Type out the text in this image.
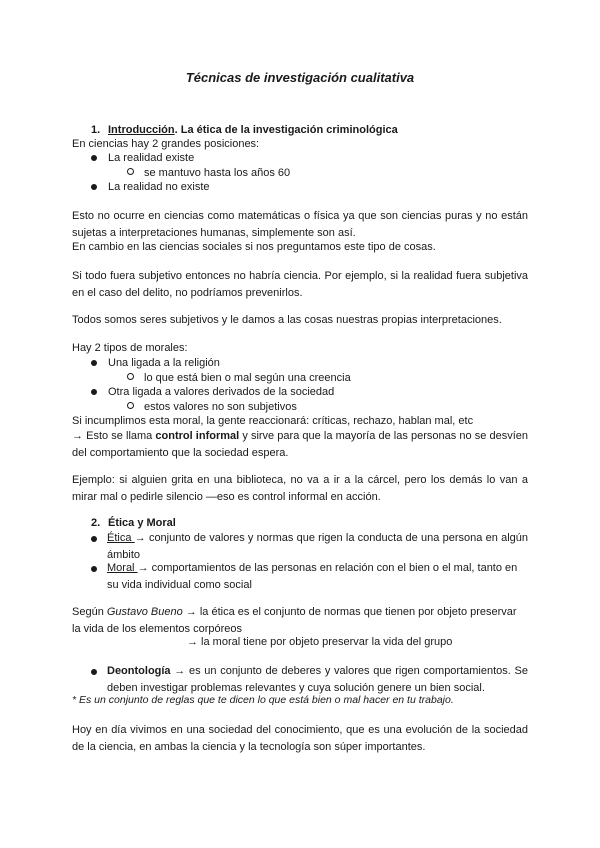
Técnicas de investigación cualitativa
1. Introducción. La ética de la investigación criminológica
En ciencias hay 2 grandes posiciones:
La realidad existe
se mantuvo hasta los años 60
La realidad no existe
Esto no ocurre en ciencias como matemáticas o física ya que son ciencias puras y no están sujetas a interpretaciones humanas, simplemente son así.
En cambio en las ciencias sociales si nos preguntamos este tipo de cosas.
Si todo fuera subjetivo entonces no habría ciencia. Por ejemplo, si la realidad fuera subjetiva en el caso del delito, no podríamos prevenirlos.
Todos somos seres subjetivos y le damos a las cosas nuestras propias interpretaciones.
Hay 2 tipos de morales:
Una ligada a la religión
lo que está bien o mal según una creencia
Otra ligada a valores derivados de la sociedad
estos valores no son subjetivos
Si incumplimos esta moral, la gente reaccionará: críticas, rechazo, hablan mal, etc
→ Esto se llama control informal y sirve para que la mayoría de las personas no se desvíen del comportamiento que la sociedad espera.
Ejemplo: si alguien grita en una biblioteca, no va a ir a la cárcel, pero los demás lo van a mirar mal o pedirle silencio —eso es control informal en acción.
2. Ética y Moral
Ética → conjunto de valores y normas que rigen la conducta de una persona en algún ámbito
Moral → comportamientos de las personas en relación con el bien o el mal, tanto en su vida individual como social
Según Gustavo Bueno → la ética es el conjunto de normas que tienen por objeto preservar la vida de los elementos corpóreos
→ la moral tiene por objeto preservar la vida del grupo
Deontología → es un conjunto de deberes y valores que rigen comportamientos. Se deben investigar problemas relevantes y cuya solución genere un bien social.
* Es un conjunto de reglas que te dicen lo que está bien o mal hacer en tu trabajo.
Hoy en día vivimos en una sociedad del conocimiento, que es una evolución de la sociedad de la ciencia, en ambas la ciencia y la tecnología son súper importantes.
